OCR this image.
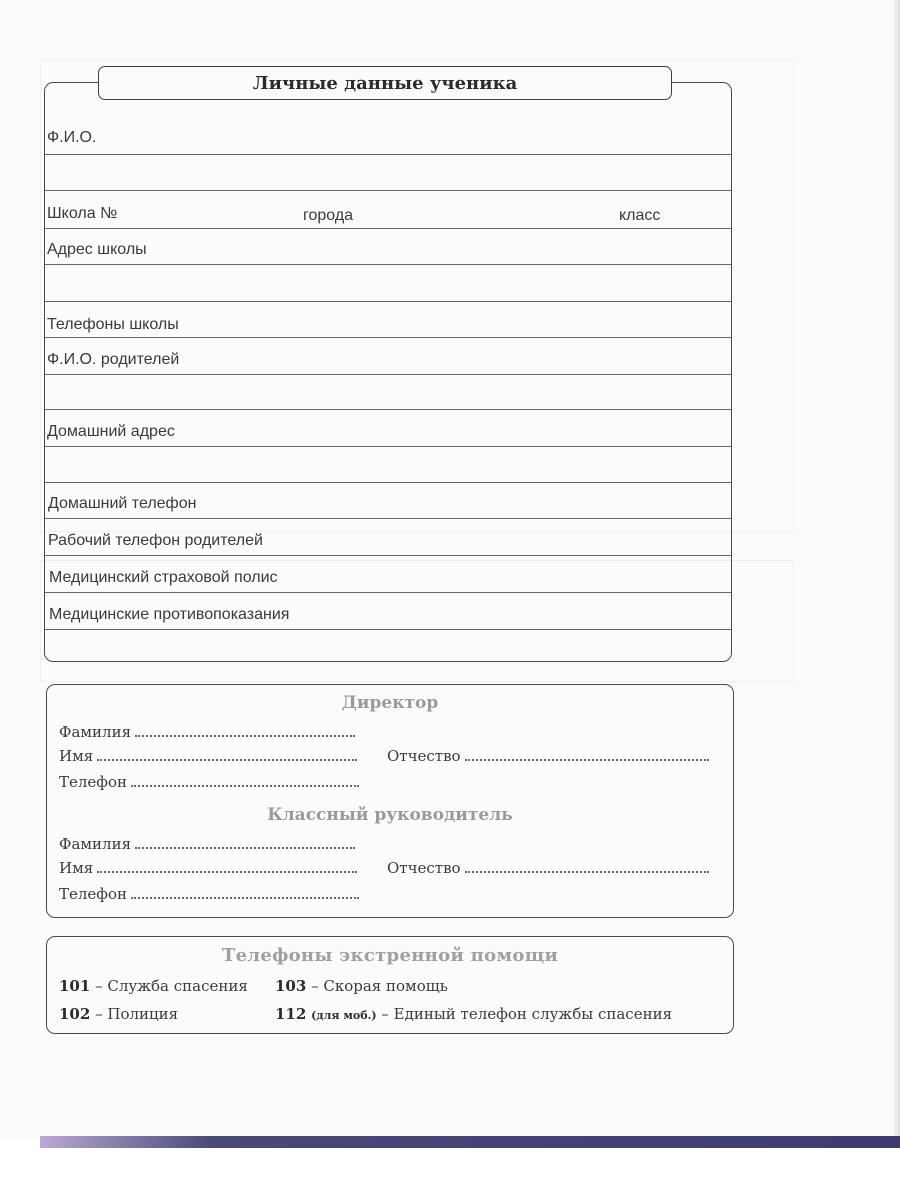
Личные данные ученика
Ф.И.О.
Школа №	города	класс
Адрес школы
Телефоны школы
Ф.И.О. родителей
Домашний адрес
Домашний телефон
Рабочий телефон родителей
Медицинский страховой полис
Медицинские противопоказания
Директор
Фамилия
Имя	Отчество
Телефон
Классный руководитель
Фамилия
Имя	Отчество
Телефон
Телефоны экстренной помощи
101 – Служба спасения 103 – Скорая помощь
102 – Полиция	112 (для моб.) – Единый телефон службы спасения
